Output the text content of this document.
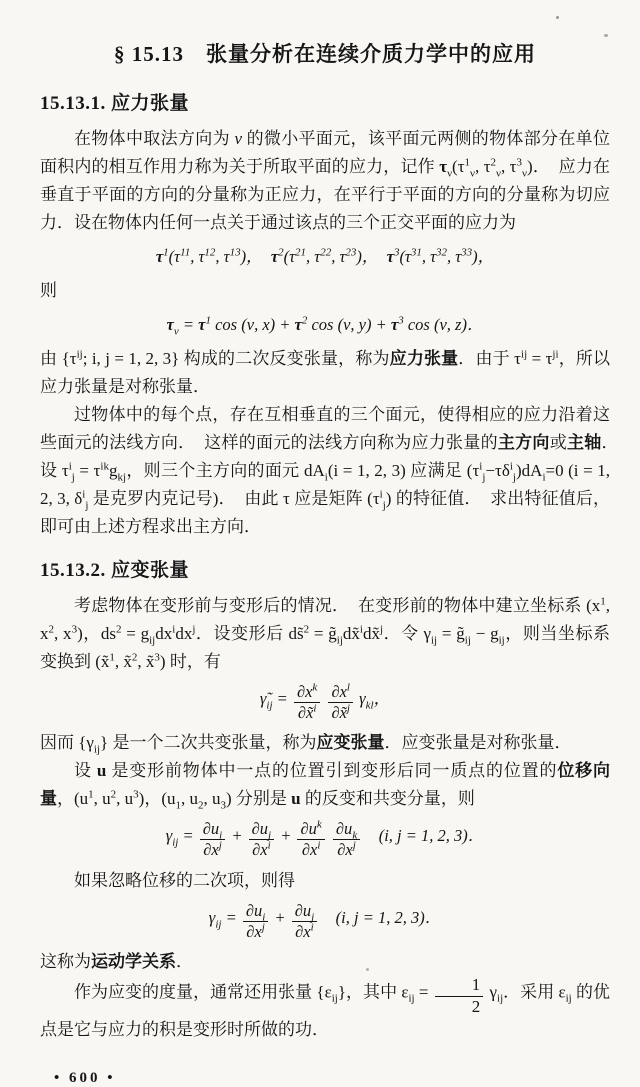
§ 15.13　张量分析在连续介质力学中的应用
15.13.1. 应力张量

在物体中取法方向为 ν 的微小平面元，该平面元两侧的物体部分在单位面积内的相互作用力称为关于所取平面的应力，记作 $\tau_\nu(\tau^1_\nu$, $\tau^2_\nu$, $\tau^3_\nu$)．　应力在垂直于平面的方向的分量称为正应力，在平行于平面的方向的分量称为切应力．设在物体内任何一点关于通过该点的三个正交平面的应力为

$\tau^1(\tau^{11}$, $\tau^{12}$, $\tau^{13}$)，　$\tau^2(\tau^{21}$, $\tau^{22}$, $\tau^{23}$)，　$\tau^3(\tau^{31}$, $\tau^{32}$, $\tau^{33}$)，

则

$\tau_\nu = \tau^1$ cos (ν, $x) + \tau^2$ cos (ν, $y) + \tau^3$ cos (ν, z)．

由 {$\tau^{ij}$; i, j = 1, 2, 3} 构成的二次反变张量，称为应力张量．由于 $\tau^{ij} = \tau^{ji}$，所以应力张量是对称张量．

过物体中的每个点，存在互相垂直的三个面元，使得相应的应力沿着这些面元的法线方向．　这样的面元的法线方向称为应力张量的主方向或主轴．　设 $\tau^i_j = \tau^{ik}g_{kj}$，则三个主方向的面元 $dA_i(i = 1$, 2, 3) 应满足 $(\tau^i_j-\tau\delta^i_j)dA_i=0$ (i = 1, 2, 3, $\delta^i_j$ 是克罗内克记号)．　由此 τ 应是矩阵 $(\tau^i_j)$ 的特征值．　求出特征值后，即可由上述方程求出主方向．

15.13.2. 应变张量

考虑物体在变形前与变形后的情况．　在变形前的物体中建立坐标系 ($x^1$, $x^2$, $x^3$)，$ds^2 = g_{ij}dx^idx^j$．设变形后 ds̃$^2$ = $g̃_{ij}dx̃^idx̃^j$．令 $\gamma_{ij}$ = $g̃_{ij} - g_{ij}$，则当坐标系变换到 (x̃$^1$, x̃$^2$, x̃$^3$) 时，有

$\gammã_{ij} = \frac{\partial x^k}{\partial x̃^i}$
$\frac{\partial x^l}{\partial x̃^j} \gamma_{kl}$，

因而 $\{\gamma_{ij}\}$ 是一个二次共变张量，称为应变张量．应变张量是对称张量．

设 u 是变形前物体中一点的位置引到变形后同一质点的位置的位移向量，($u^1$, $u^2$, $u^3$)，($u_1$, $u_2$, $u_3$) 分别是 u 的反变和共变分量，则

$\gamma_{ij} = \frac{\partial u_i}{\partial x^j} + \frac{\partial u_j}{\partial x^i} + \frac{\partial u^k}{\partial x^i}$
$\frac{\partial u_k}{\partial x^j}$ 　(i, j = 1, 2, 3)．

如果忽略位移的二次项，则得

$\gamma_{ij} = \frac{\partial u_i}{\partial x^j} + \frac{\partial u_j}{\partial x^i}$ 　(i, j = 1, 2, 3)．

这称为运动学关系．

作为应变的度量，通常还用张量 $\{\varepsilon_{ij}\}$，其中 $\varepsilon_{ij} = \frac{1}{2} \gamma_{ij}$．采用 $\varepsilon_{ij}$ 的优点是它与应力的积是变形时所做的功．

• 600 •
